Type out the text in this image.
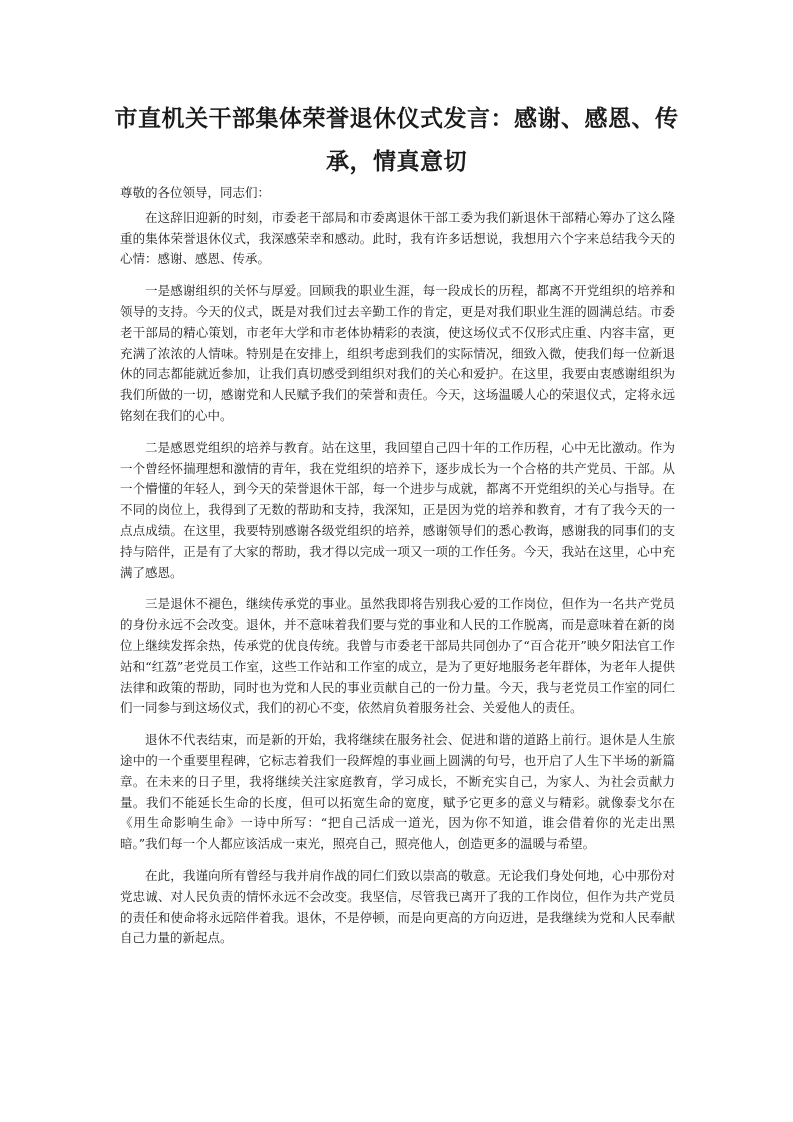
市直机关干部集体荣誉退休仪式发言：感谢、感恩、传承，情真意切

尊敬的各位领导，同志们：

在这辞旧迎新的时刻，市委老干部局和市委离退休干部工委为我们新退休干部精心筹办了这么隆重的集体荣誉退休仪式，我深感荣幸和感动。此时，我有许多话想说，我想用六个字来总结我今天的心情：感谢、感恩、传承。

一是感谢组织的关怀与厚爱。回顾我的职业生涯，每一段成长的历程，都离不开党组织的培养和领导的支持。今天的仪式，既是对我们过去辛勤工作的肯定，更是对我们职业生涯的圆满总结。市委老干部局的精心策划，市老年大学和市老体协精彩的表演，使这场仪式不仅形式庄重、内容丰富，更充满了浓浓的人情味。特别是在安排上，组织考虑到我们的实际情况，细致入微，使我们每一位新退休的同志都能就近参加，让我们真切感受到组织对我们的关心和爱护。在这里，我要由衷感谢组织为我们所做的一切，感谢党和人民赋予我们的荣誉和责任。今天，这场温暖人心的荣退仪式，定将永远铭刻在我们的心中。

二是感恩党组织的培养与教育。站在这里，我回望自己四十年的工作历程，心中无比激动。作为一个曾经怀揣理想和激情的青年，我在党组织的培养下，逐步成长为一个合格的共产党员、干部。从一个懵懂的年轻人，到今天的荣誉退休干部，每一个进步与成就，都离不开党组织的关心与指导。在不同的岗位上，我得到了无数的帮助和支持，我深知，正是因为党的培养和教育，才有了我今天的一点点成绩。在这里，我要特别感谢各级党组织的培养，感谢领导们的悉心教诲，感谢我的同事们的支持与陪伴，正是有了大家的帮助，我才得以完成一项又一项的工作任务。今天，我站在这里，心中充满了感恩。

三是退休不褪色，继续传承党的事业。虽然我即将告别我心爱的工作岗位，但作为一名共产党员的身份永远不会改变。退休，并不意味着我们要与党的事业和人民的工作脱离，而是意味着在新的岗位上继续发挥余热，传承党的优良传统。我曾与市委老干部局共同创办了“百合花开”映夕阳法官工作站和“红荔”老党员工作室，这些工作站和工作室的成立，是为了更好地服务老年群体，为老年人提供法律和政策的帮助，同时也为党和人民的事业贡献自己的一份力量。今天，我与老党员工作室的同仁们一同参与到这场仪式，我们的初心不变，依然肩负着服务社会、关爱他人的责任。

退休不代表结束，而是新的开始，我将继续在服务社会、促进和谐的道路上前行。退休是人生旅途中的一个重要里程碑，它标志着我们一段辉煌的事业画上圆满的句号，也开启了人生下半场的新篇章。在未来的日子里，我将继续关注家庭教育，学习成长，不断充实自己，为家人、为社会贡献力量。我们不能延长生命的长度，但可以拓宽生命的宽度，赋予它更多的意义与精彩。就像泰戈尔在《用生命影响生命》一诗中所写：“把自己活成一道光，因为你不知道，谁会借着你的光走出黑暗。”我们每一个人都应该活成一束光，照亮自己，照亮他人，创造更多的温暖与希望。

在此，我谨向所有曾经与我并肩作战的同仁们致以崇高的敬意。无论我们身处何地，心中那份对党忠诚、对人民负责的情怀永远不会改变。我坚信，尽管我已离开了我的工作岗位，但作为共产党员的责任和使命将永远陪伴着我。退休，不是停顿，而是向更高的方向迈进，是我继续为党和人民奉献自己力量的新起点。
